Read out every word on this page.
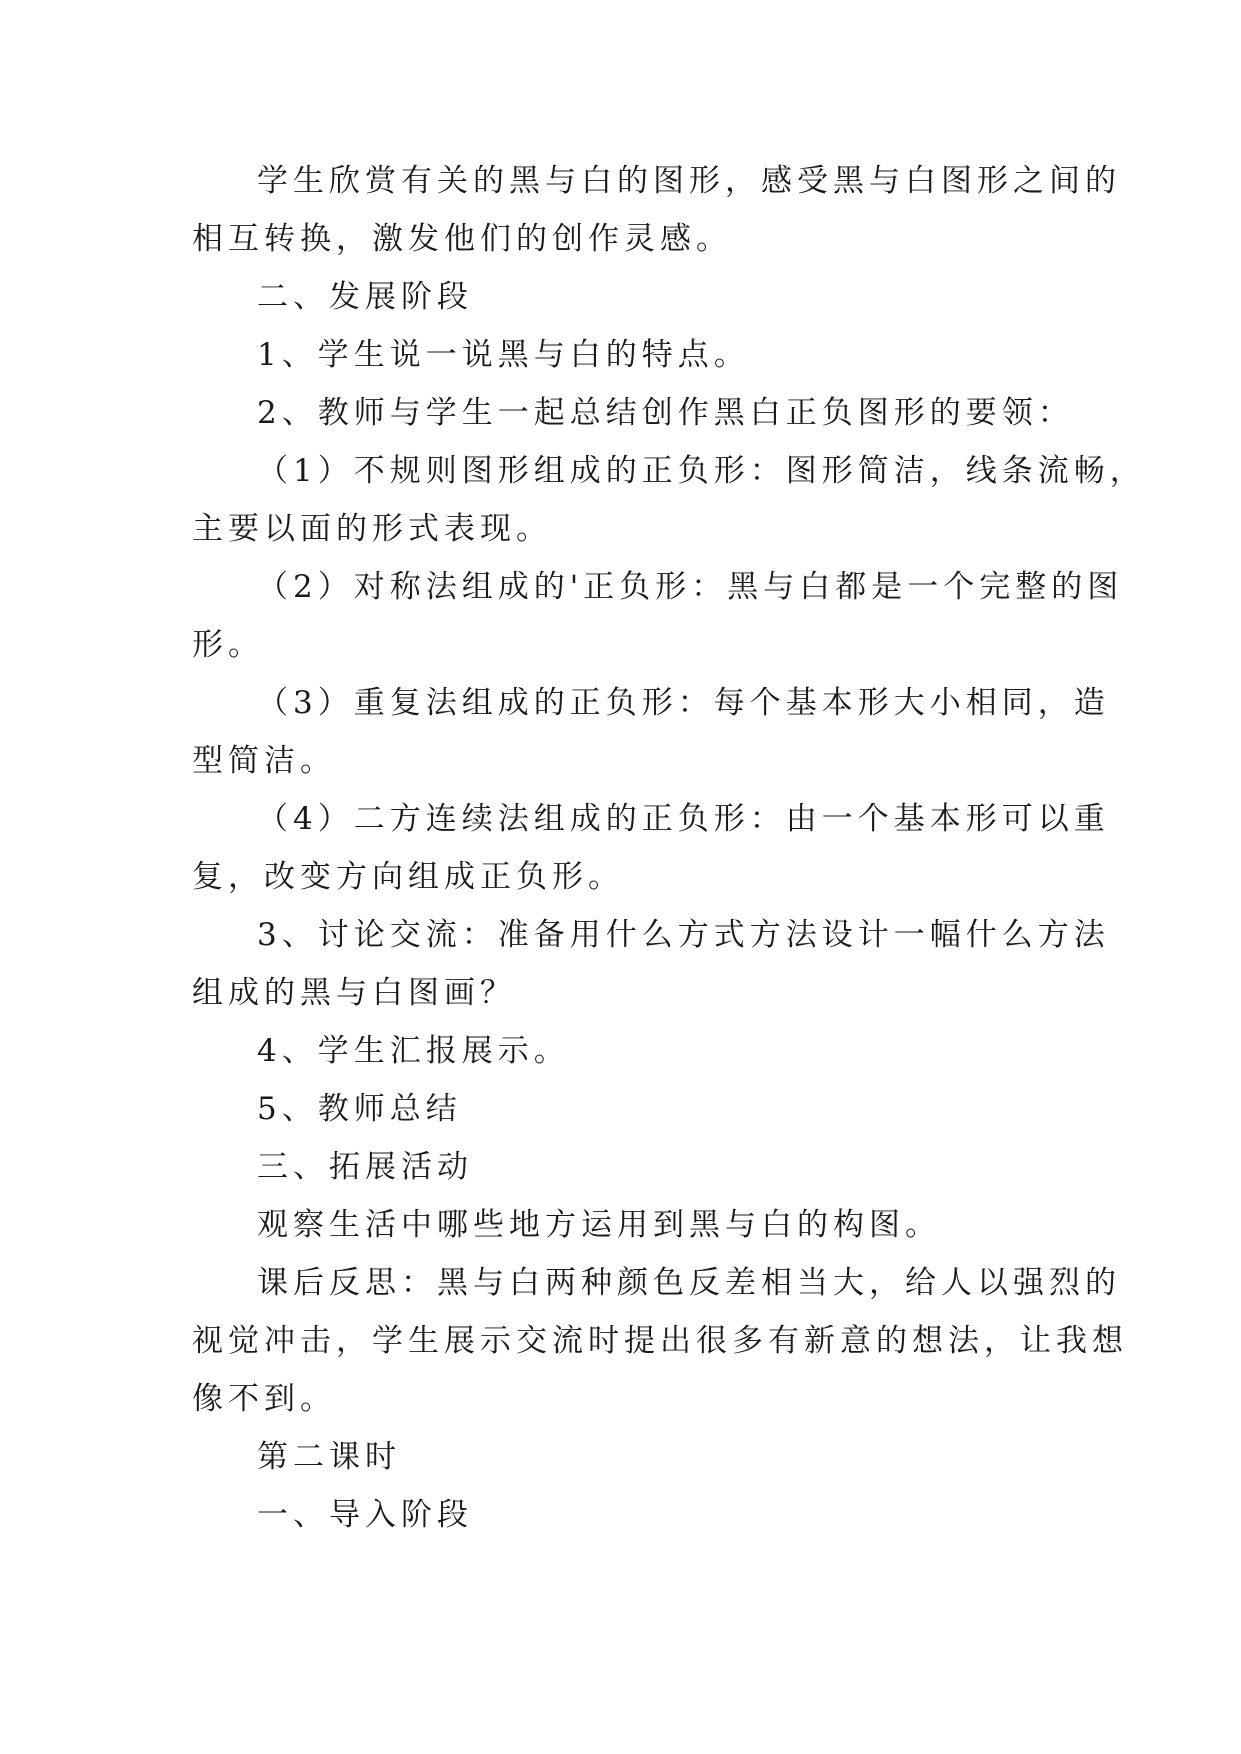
学生欣赏有关的黑与白的图形，感受黑与白图形之间的
相互转换，激发他们的创作灵感。
二、发展阶段
1、学生说一说黑与白的特点。
2、教师与学生一起总结创作黑白正负图形的要领：
（1）不规则图形组成的正负形：图形简洁，线条流畅，
主要以面的形式表现。
（2）对称法组成的'正负形：黑与白都是一个完整的图
形。
（3）重复法组成的正负形：每个基本形大小相同，造
型简洁。
（4）二方连续法组成的正负形：由一个基本形可以重
复，改变方向组成正负形。
3、讨论交流：准备用什么方式方法设计一幅什么方法
组成的黑与白图画？
4、学生汇报展示。
5、教师总结
三、拓展活动
观察生活中哪些地方运用到黑与白的构图。
课后反思：黑与白两种颜色反差相当大，给人以强烈的
视觉冲击，学生展示交流时提出很多有新意的想法，让我想
像不到。
第二课时
一、导入阶段
